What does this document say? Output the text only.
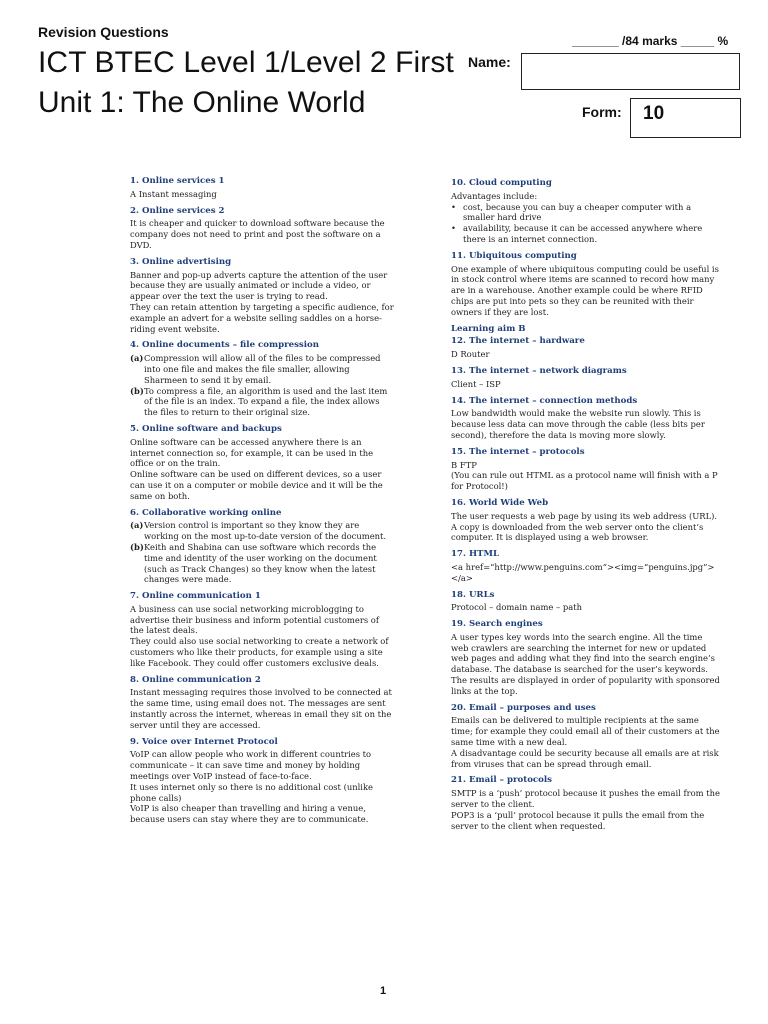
Revision Questions
_______ /84 marks _____ %
ICT BTEC Level 1/Level 2 First
Unit 1: The Online World
Name:
Form:	10
1. Online services 1

A Instant messaging

2. Online services 2

It is cheaper and quicker to download software because the company does not need to print and post the software on a DVD.

3. Online advertising

Banner and pop-up adverts capture the attention of the user because they are usually animated or include a video, or appear over the text the user is trying to read.

They can retain attention by targeting a specific audience, for example an advert for a website selling saddles on a horse-riding event website.

4. Online documents – file compression
(a) Compression will allow all of the files to be compressed into one file and makes the file smaller, allowing Sharmeen to send it by email.
(b) To compress a file, an algorithm is used and the last item of the file is an index. To expand a file, the index allows the files to return to their original size.
5. Online software and backups

Online software can be accessed anywhere there is an internet connection so, for example, it can be used in the office or on the train.

Online software can be used on different devices, so a user can use it on a computer or mobile device and it will be the same on both.

6. Collaborative working online
(a) Version control is important so they know they are working on the most up-to-date version of the document.
(b) Keith and Shabina can use software which records the time and identity of the user working on the document (such as Track Changes) so they know when the latest changes were made.
7. Online communication 1

A business can use social networking microblogging to advertise their business and inform potential customers of the latest deals.

They could also use social networking to create a network of customers who like their products, for example using a site like Facebook. They could offer customers exclusive deals.

8. Online communication 2

Instant messaging requires those involved to be connected at the same time, using email does not. The messages are sent instantly across the internet, whereas in email they sit on the server until they are accessed.

9. Voice over Internet Protocol

VoIP can allow people who work in different countries to communicate – it can save time and money by holding meetings over VoIP instead of face-to-face.

It uses internet only so there is no additional cost (unlike phone calls)

VoIP is also cheaper than travelling and hiring a venue, because users can stay where they are to communicate.

10. Cloud computing

Advantages include:

• cost, because you can buy a cheaper computer with a smaller hard drive
• availability, because it can be accessed anywhere where there is an internet connection.
11. Ubiquitous computing

One example of where ubiquitous computing could be useful is in stock control where items are scanned to record how many are in a warehouse. Another example could be where RFID chips are put into pets so they can be reunited with their owners if they are lost.

Learning aim B
12. The internet – hardware

D Router

13. The internet – network diagrams

Client – ISP

14. The internet – connection methods

Low bandwidth would make the website run slowly. This is because less data can move through the cable (less bits per second), therefore the data is moving more slowly.

15. The internet – protocols

B FTP

(You can rule out HTML as a protocol name will finish with a P for Protocol!)

16. World Wide Web

The user requests a web page by using its web address (URL). A copy is downloaded from the web server onto the client’s computer. It is displayed using a web browser.

17. HTML

<a href=“http://www.penguins.com”><img=“penguins.jpg”></a>

18. URLs

Protocol – domain name – path

19. Search engines

A user types key words into the search engine. All the time web crawlers are searching the internet for new or updated web pages and adding what they find into the search engine’s database. The database is searched for the user’s keywords. The results are displayed in order of popularity with sponsored links at the top.

20. Email – purposes and uses

Emails can be delivered to multiple recipients at the same time; for example they could email all of their customers at the same time with a new deal.

A disadvantage could be security because all emails are at risk from viruses that can be spread through email.

21. Email – protocols

SMTP is a ‘push’ protocol because it pushes the email from the server to the client.

POP3 is a ‘pull’ protocol because it pulls the email from the server to the client when requested.

1
